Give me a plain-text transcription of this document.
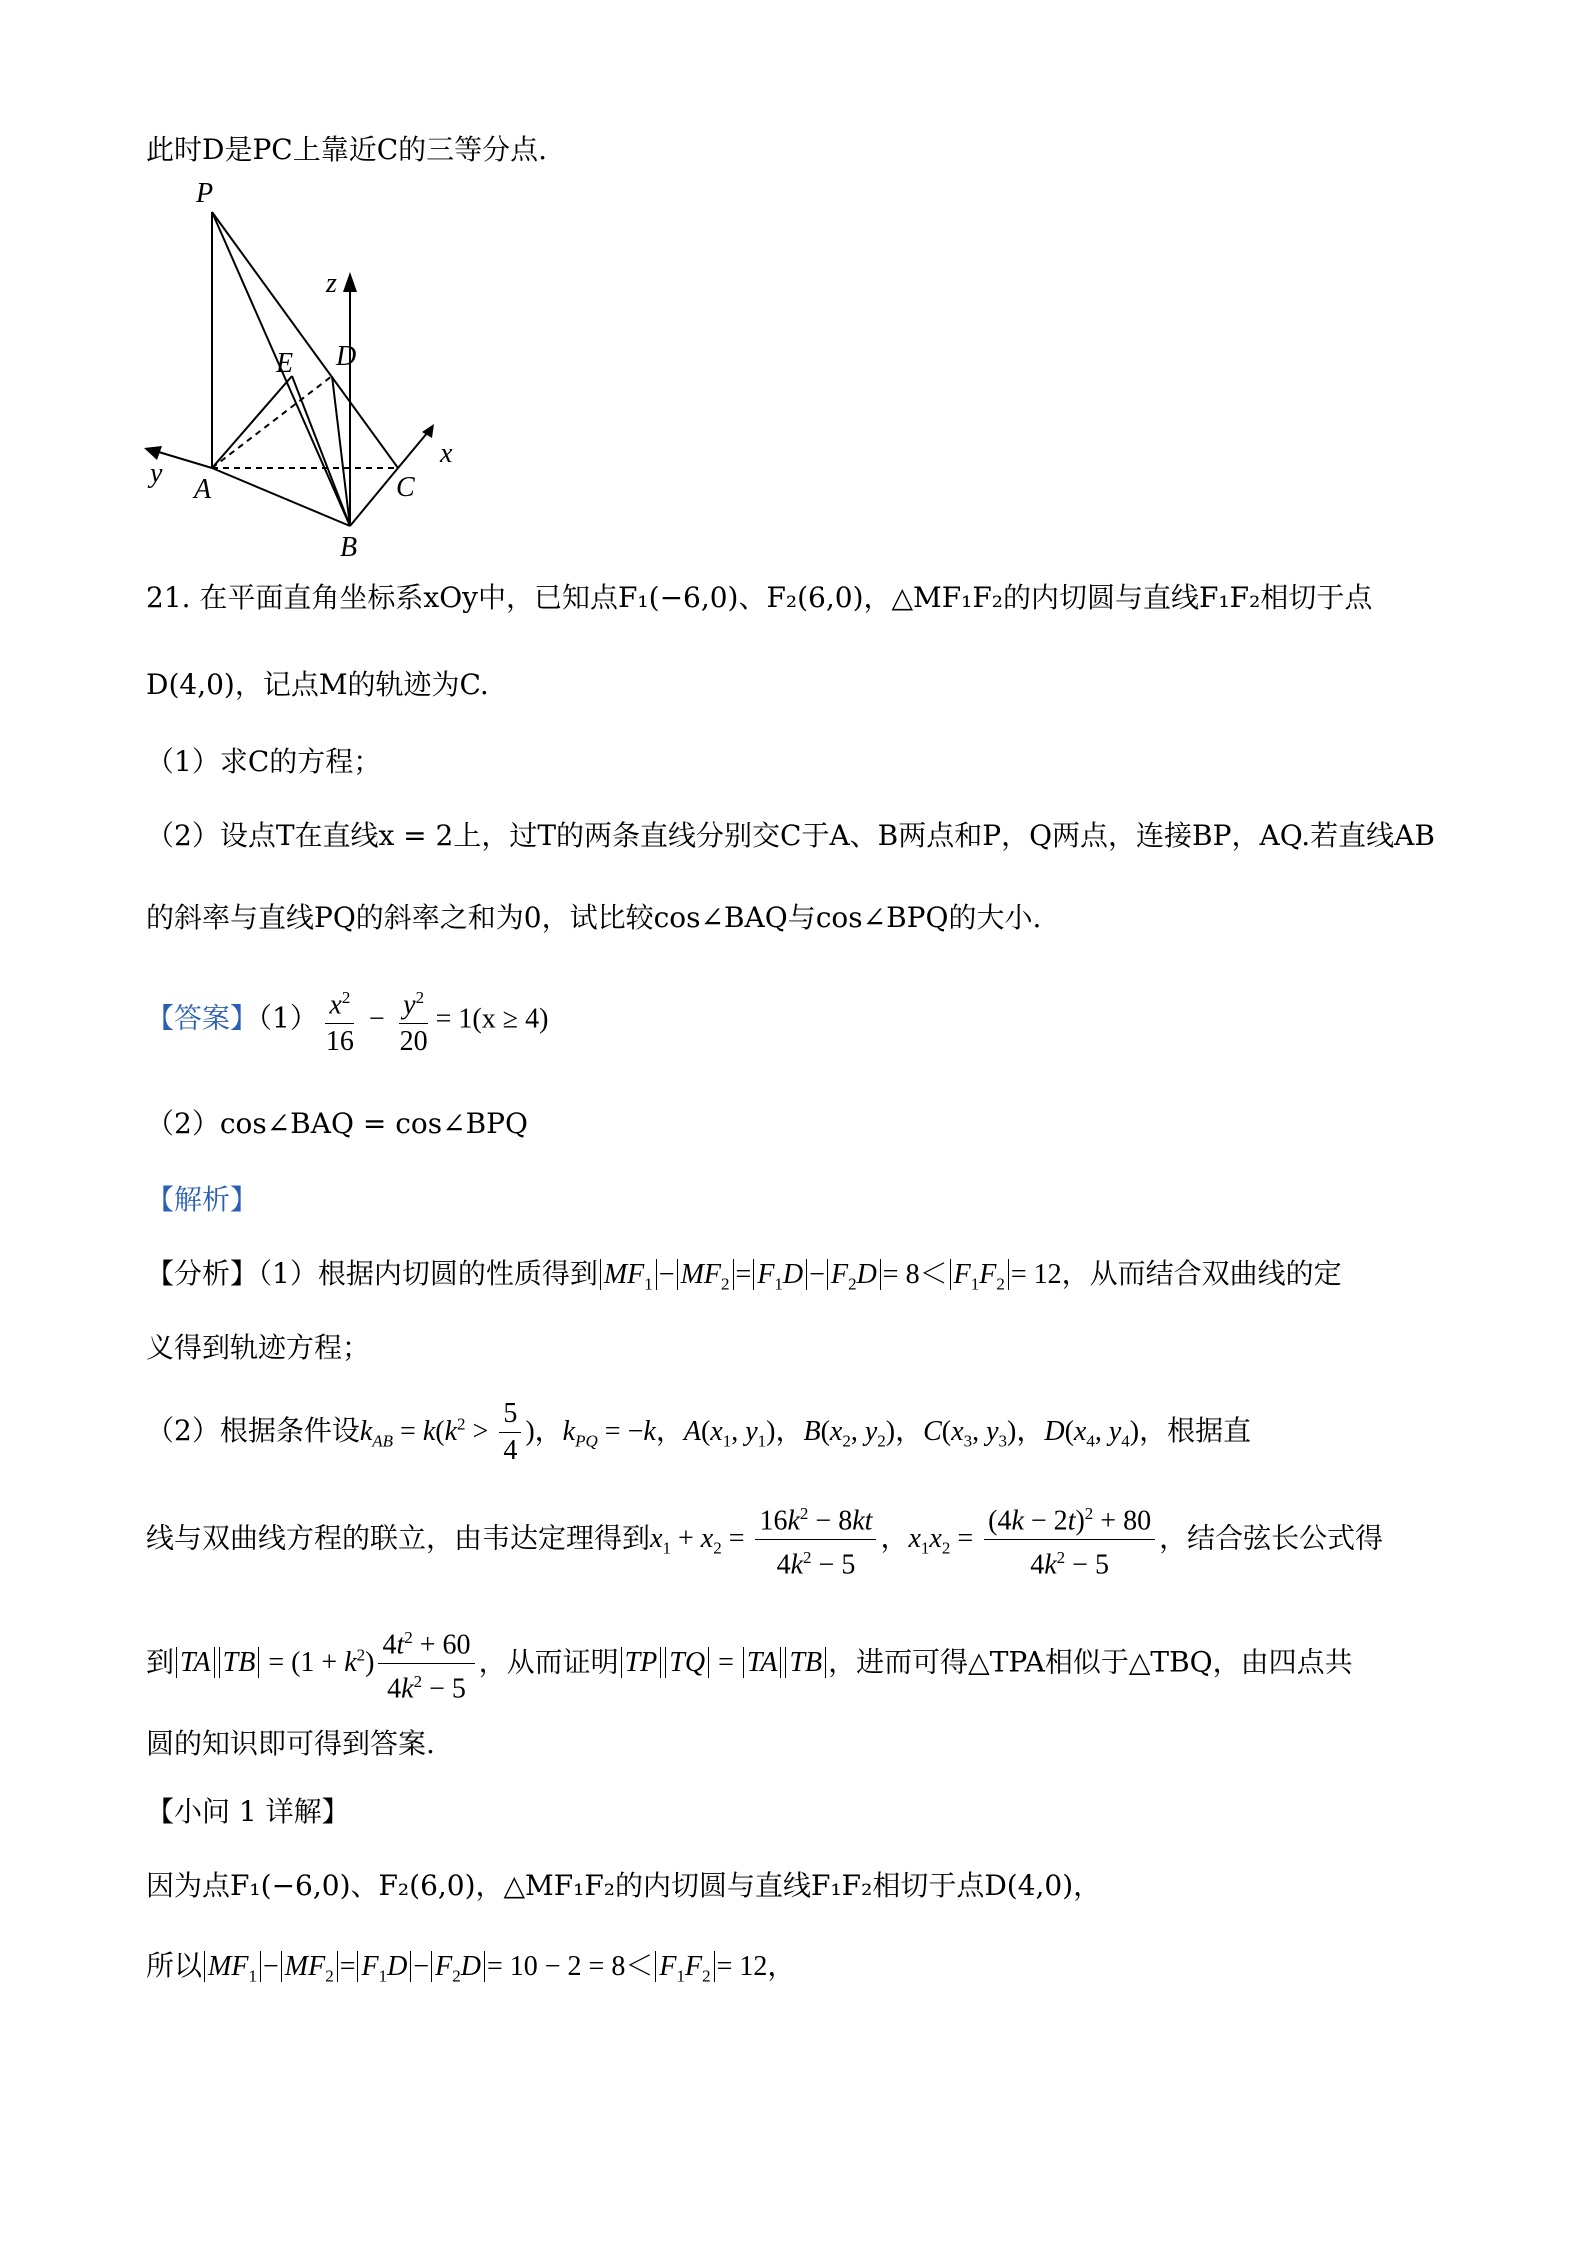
此时D是PC上靠近C的三等分点.
P
z
E D
y
A	C
x
B
21. 在平面直角坐标系xOy中，已知点F₁(−6,0)、F₂(6,0)，△MF₁F₂的内切圆与直线F₁F₂相切于点
D(4,0)，记点M的轨迹为C.
（1）求C的方程；
（2）设点T在直线x = 2上，过T的两条直线分别交C于A、B两点和P，Q两点，连接BP，AQ.若直线AB
的斜率与直线PQ的斜率之和为0，试比较cos∠BAQ与cos∠BPQ的大小.
【答案】$(1) \frac{x^2}{16} - \frac{y^2}{20} = 1(x \ge 4)$
（2）cos∠BAQ = cos∠BPQ
【解析】
【分析】（1）根据内切圆的性质得到 $MF_1 - MF_2 = F_1D - F_2D = 8< F_1F_2 = 12$，从而结合双曲线的定
义得到轨迹方程；
（2）根据条件设$k_{AB} = k(k^2 > \frac{5}{4}$ )，$k_{PQ} = -k$，$A(x_1$, $y_1$)，$B(x_2$, $y_2$)，$C(x_3$, $y_3$)，$D(x_4$, $y_4$)，根据直
线与双曲线方程的联立，由韦达定理得到$x_1 + x_2 = \frac{16k^2 - 8kt}{4k^2 - 5}$ ，$x_1x_2 = \frac{(4k - 2t)^2 + 80}{4k^2 - 5}$ ，结合弦长公式得
到 TA TB = $(1 + k^2) \frac{4t^2 + 60}{4k^2 - 5}$ ，从而证明 TP TQ = TA TB ，进而可得△TPA相似于△TBQ，由四点共
圆的知识即可得到答案.
【小问 1 详解】
因为点F₁(−6,0)、F₂(6,0)，△MF₁F₂的内切圆与直线F₁F₂相切于点D(4,0)，
所以 $MF_1 - MF_2 = F_1D - F_2D = 10 - 2 = 8< F_1F_2 = 12$，
